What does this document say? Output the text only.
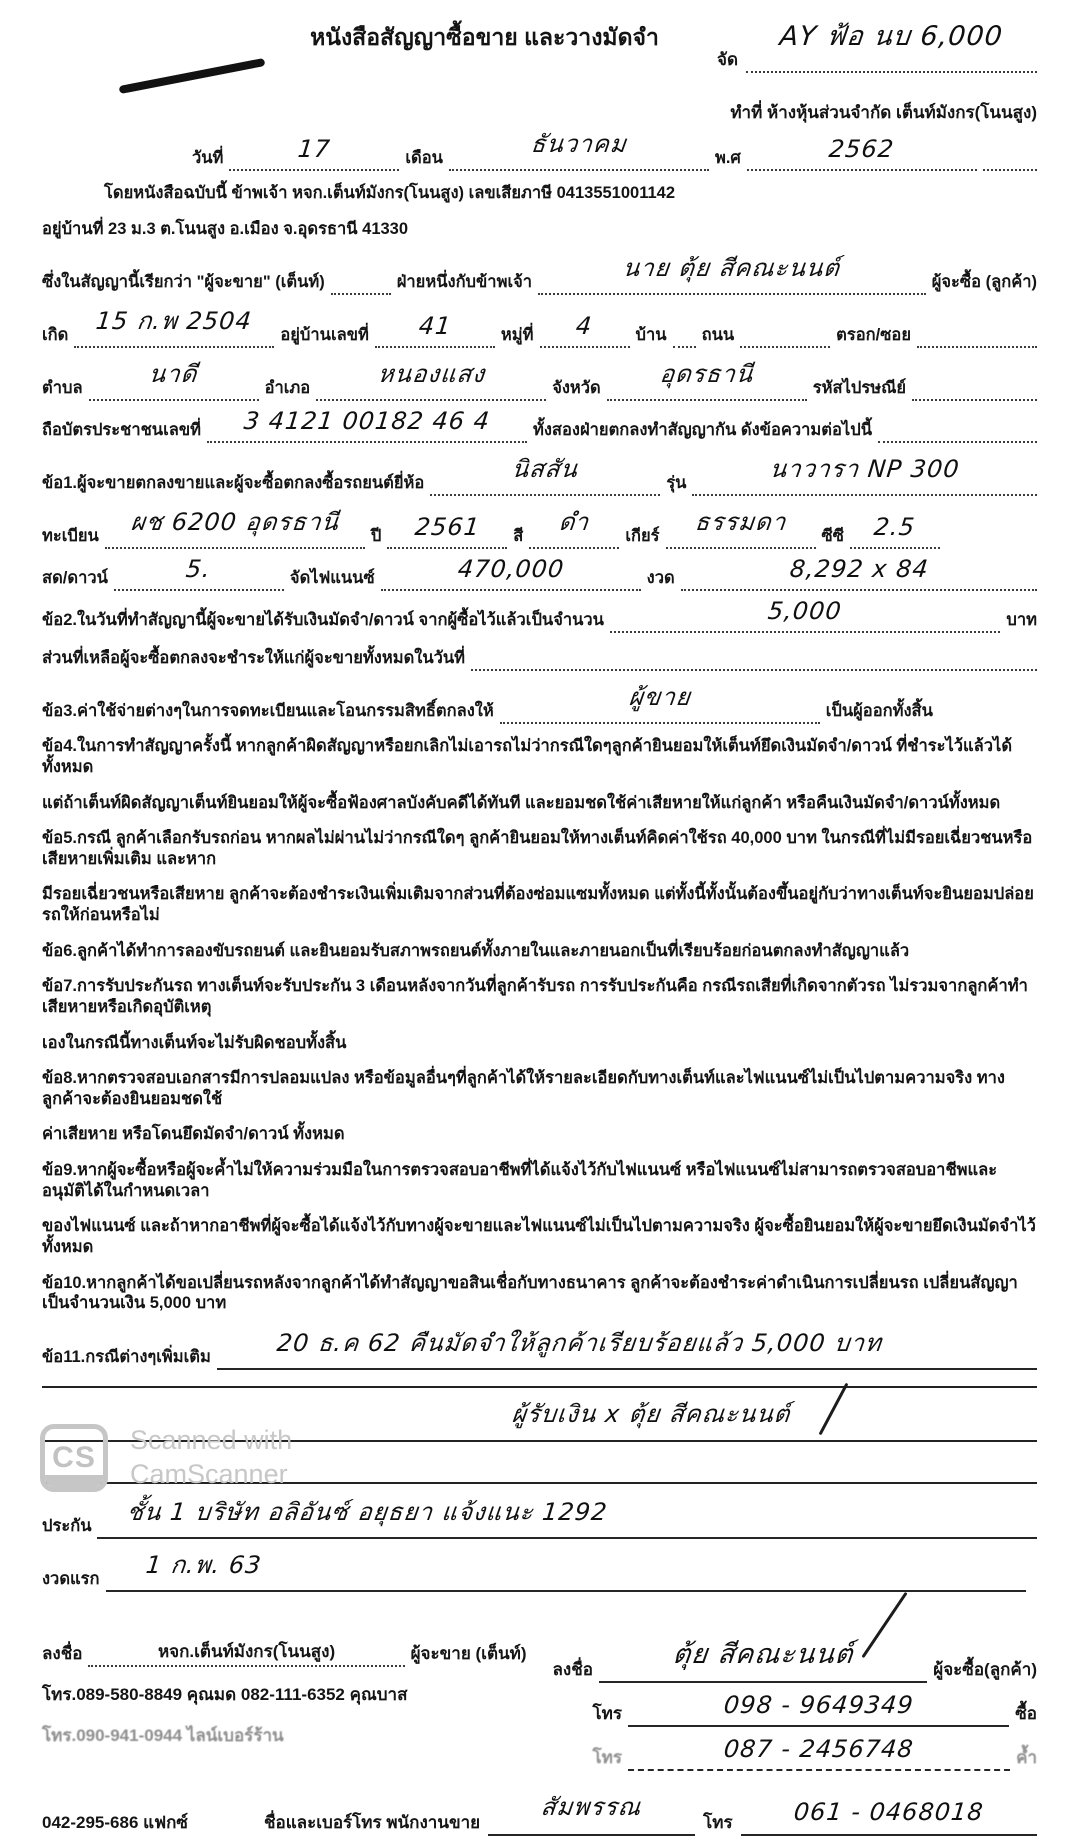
หนังสือสัญญาซื้อขาย และวางมัดจำ
จัด
AY ฟ้อ นบ 6,000
ทำที่ ห้างหุ้นส่วนจำกัด เต็นท์มังกร(โนนสูง)
วันที่	17	เดือน	ธันวาคม	พ.ศ	2562
โดยหนังสือฉบับนี้ ข้าพเจ้า หจก.เต็นท์มังกร(โนนสูง) เลขเสียภาษี 0413551001142
อยู่บ้านที่ 23 ม.3 ต.โนนสูง อ.เมือง จ.อุดรธานี 41330
ซึ่งในสัญญานี้เรียกว่า "ผู้จะขาย" (เต็นท์)	ฝ่ายหนึ่งกับข้าพเจ้า	นาย ตุ้ย สีคณะนนต์	ผู้จะซื้อ (ลูกค้า)
เกิด	15 ก.พ 2504	อยู่บ้านเลขที่	41	หมู่ที่	4	บ้าน ถนน	ตรอก/ซอย
ตำบล	นาดี	อำเภอ	หนองแสง	จังหวัด	อุดรธานี	รหัสไปรษณีย์
ถือบัตรประชาชนเลขที่	3 4121 00182 46 4	ทั้งสองฝ่ายตกลงทำสัญญากัน ดังข้อความต่อไปนี้
ข้อ1.ผู้จะขายตกลงขายและผู้จะซื้อตกลงซื้อรถยนต์ยี่ห้อ	นิสสัน	รุ่น	นาวารา NP 300
ทะเบียน	ผช 6200 อุดรธานี	ปี	2561	สี	ดำ	เกียร์	ธรรมดา	ซีซี	2.5
สด/ดาวน์	5.	จัดไฟแนนซ์	470,000	งวด	8,292 x 84
ข้อ2.ในวันที่ทำสัญญานี้ผู้จะขายได้รับเงินมัดจำ/ดาวน์ จากผู้ซื้อไว้แล้วเป็นจำนวน	5,000	บาท
ส่วนที่เหลือผู้จะซื้อตกลงจะชำระให้แก่ผู้จะขายทั้งหมดในวันที่
ข้อ3.ค่าใช้จ่ายต่างๆในการจดทะเบียนและโอนกรรมสิทธิ์ตกลงให้	ผู้ขาย	เป็นผู้ออกทั้งสิ้น
ข้อ4.ในการทำสัญญาครั้งนี้ หากลูกค้าผิดสัญญาหรือยกเลิกไม่เอารถไม่ว่ากรณีใดๆลูกค้ายินยอมให้เต็นท์ยึดเงินมัดจำ/ดาวน์ ที่ชำระไว้แล้วได้ทั้งหมด
แต่ถ้าเต็นท์ผิดสัญญาเต็นท์ยินยอมให้ผู้จะซื้อฟ้องศาลบังคับคดีได้ทันที และยอมชดใช้ค่าเสียหายให้แก่ลูกค้า หรือคืนเงินมัดจำ/ดาวน์ทั้งหมด
ข้อ5.กรณี ลูกค้าเลือกรับรถก่อน หากผลไม่ผ่านไม่ว่ากรณีใดๆ ลูกค้ายินยอมให้ทางเต็นท์คิดค่าใช้รถ 40,000 บาท ในกรณีที่ไม่มีรอยเฉี่ยวชนหรือเสียหายเพิ่มเติม และหาก
มีรอยเฉี่ยวชนหรือเสียหาย ลูกค้าจะต้องชำระเงินเพิ่มเติมจากส่วนที่ต้องซ่อมแซมทั้งหมด แต่ทั้งนี้ทั้งนั้นต้องขึ้นอยู่กับว่าทางเต็นท์จะยินยอมปล่อยรถให้ก่อนหรือไม่
ข้อ6.ลูกค้าได้ทำการลองขับรถยนต์ และยินยอมรับสภาพรถยนต์ทั้งภายในและภายนอกเป็นที่เรียบร้อยก่อนตกลงทำสัญญาแล้ว
ข้อ7.การรับประกันรถ ทางเต็นท์จะรับประกัน 3 เดือนหลังจากวันที่ลูกค้ารับรถ การรับประกันคือ กรณีรถเสียที่เกิดจากตัวรถ ไม่รวมจากลูกค้าทำเสียหายหรือเกิดอุบัติเหตุ
เองในกรณีนี้ทางเต็นท์จะไม่รับผิดชอบทั้งสิ้น
ข้อ8.หากตรวจสอบเอกสารมีการปลอมแปลง หรือข้อมูลอื่นๆที่ลูกค้าได้ให้รายละเอียดกับทางเต็นท์และไฟแนนซ์ไม่เป็นไปตามความจริง ทางลูกค้าจะต้องยินยอมชดใช้
ค่าเสียหาย หรือโดนยึดมัดจำ/ดาวน์ ทั้งหมด
ข้อ9.หากผู้จะซื้อหรือผู้จะค้ำไม่ให้ความร่วมมือในการตรวจสอบอาชีพที่ได้แจ้งไว้กับไฟแนนซ์ หรือไฟแนนซ์ไม่สามารถตรวจสอบอาชีพและอนุมัติได้ในกำหนดเวลา
ของไฟแนนซ์ และถ้าหากอาชีพที่ผู้จะซื้อได้แจ้งไว้กับทางผู้จะขายและไฟแนนซ์ไม่เป็นไปตามความจริง ผู้จะซื้อยินยอมให้ผู้จะขายยึดเงินมัดจำไว้ทั้งหมด
ข้อ10.หากลูกค้าได้ขอเปลี่ยนรถหลังจากลูกค้าได้ทำสัญญาขอสินเชื่อกับทางธนาคาร ลูกค้าจะต้องชำระค่าดำเนินการเปลี่ยนรถ เปลี่ยนสัญญา เป็นจำนวนเงิน 5,000 บาท
ข้อ11.กรณีต่างๆเพิ่มเติม	20 ธ.ค 62 คืนมัดจำให้ลูกค้าเรียบร้อยแล้ว 5,000 บาท
ผู้รับเงิน x ตุ้ย สีคณะนนต์
ประกัน	ชั้น 1 บริษัท อลิอันซ์ อยุธยา แจ้งแนะ 1292
งวดแรก	1 ก.พ. 63
ลงชื่อ	หจก.เต็นท์มังกร(โนนสูง)	ผู้จะขาย (เต็นท์)
โทร.089-580-8849 คุณมด 082-111-6352 คุณบาส
โทร.090-941-0944 ไลน์เบอร์ร้าน
ลงชื่อ	ตุ้ย สีคณะนนต์	ผู้จะซื้อ(ลูกค้า)
โทร	098 - 9649349	ซื้อ
โทร	087 - 2456748	ค้ำ
042-295-686 แฟกซ์	ชื่อและเบอร์โทร พนักงานขาย
สัมพรรณ
โทร	061 - 0468018
CS
Scanned with
CamScanner
